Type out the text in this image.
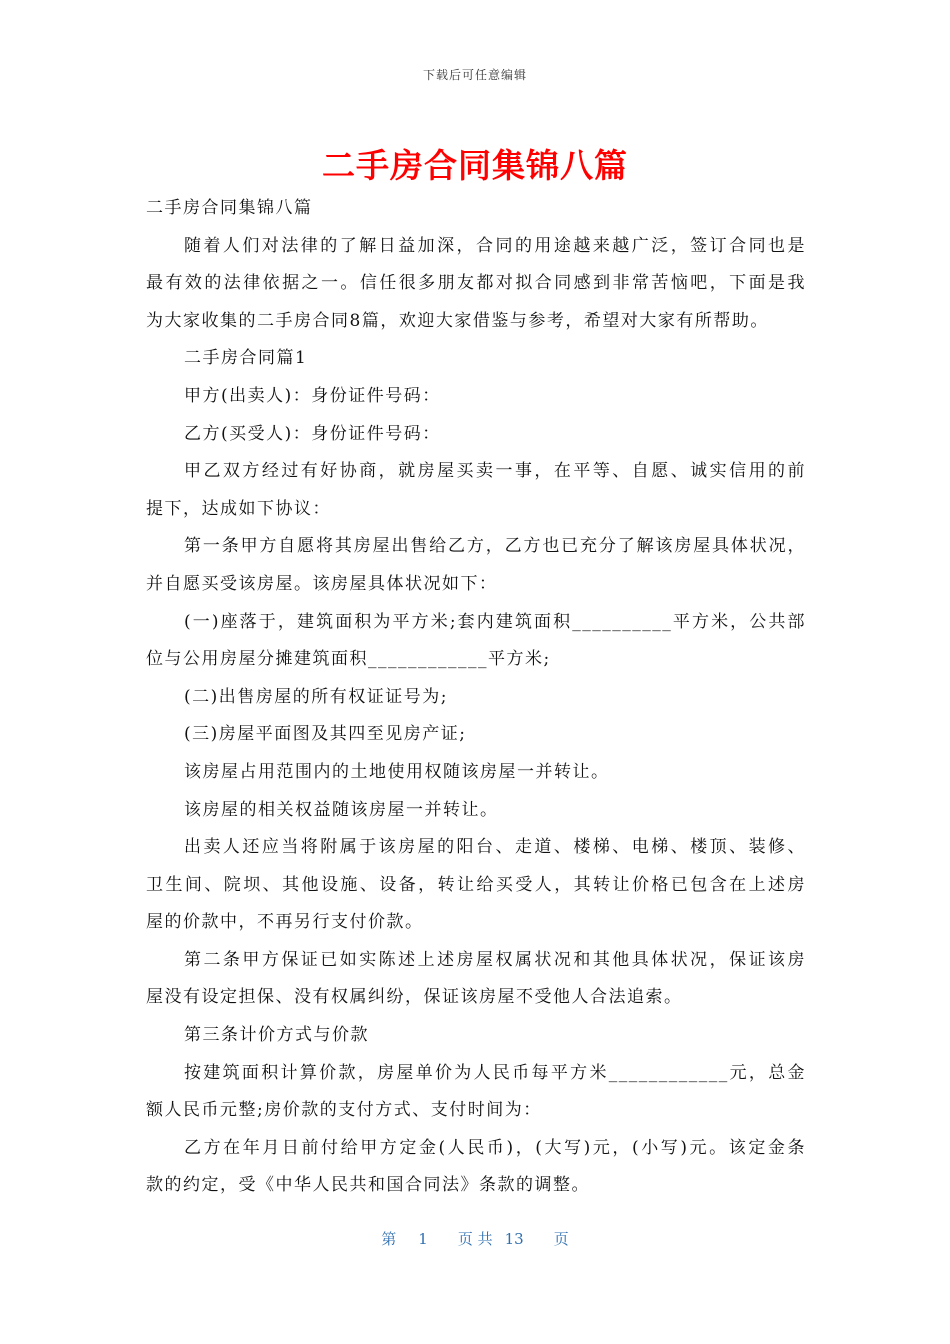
下载后可任意编辑
二手房合同集锦八篇
二手房合同集锦八篇
随着人们对法律的了解日益加深，合同的用途越来越广泛，签订合同也是
最有效的法律依据之一。信任很多朋友都对拟合同感到非常苦恼吧，下面是我
为大家收集的二手房合同8篇，欢迎大家借鉴与参考，希望对大家有所帮助。
二手房合同篇1
甲方(出卖人)：身份证件号码：
乙方(买受人)：身份证件号码：
甲乙双方经过有好协商，就房屋买卖一事，在平等、自愿、诚实信用的前
提下，达成如下协议：
第一条甲方自愿将其房屋出售给乙方，乙方也已充分了解该房屋具体状况，
并自愿买受该房屋。该房屋具体状况如下：
(一)座落于，建筑面积为平方米;套内建筑面积__________平方米，公共部
位与公用房屋分摊建筑面积____________平方米;
(二)出售房屋的所有权证证号为;
(三)房屋平面图及其四至见房产证;
该房屋占用范围内的土地使用权随该房屋一并转让。
该房屋的相关权益随该房屋一并转让。
出卖人还应当将附属于该房屋的阳台、走道、楼梯、电梯、楼顶、装修、
卫生间、院坝、其他设施、设备，转让给买受人，其转让价格已包含在上述房
屋的价款中，不再另行支付价款。
第二条甲方保证已如实陈述上述房屋权属状况和其他具体状况，保证该房
屋没有设定担保、没有权属纠纷，保证该房屋不受他人合法追索。
第三条计价方式与价款
按建筑面积计算价款，房屋单价为人民币每平方米____________元，总金
额人民币元整;房价款的支付方式、支付时间为：
乙方在年月日前付给甲方定金(人民币)，(大写)元，(小写)元。该定金条
款的约定，受《中华人民共和国合同法》条款的调整。
第 1 页 共 13 页
